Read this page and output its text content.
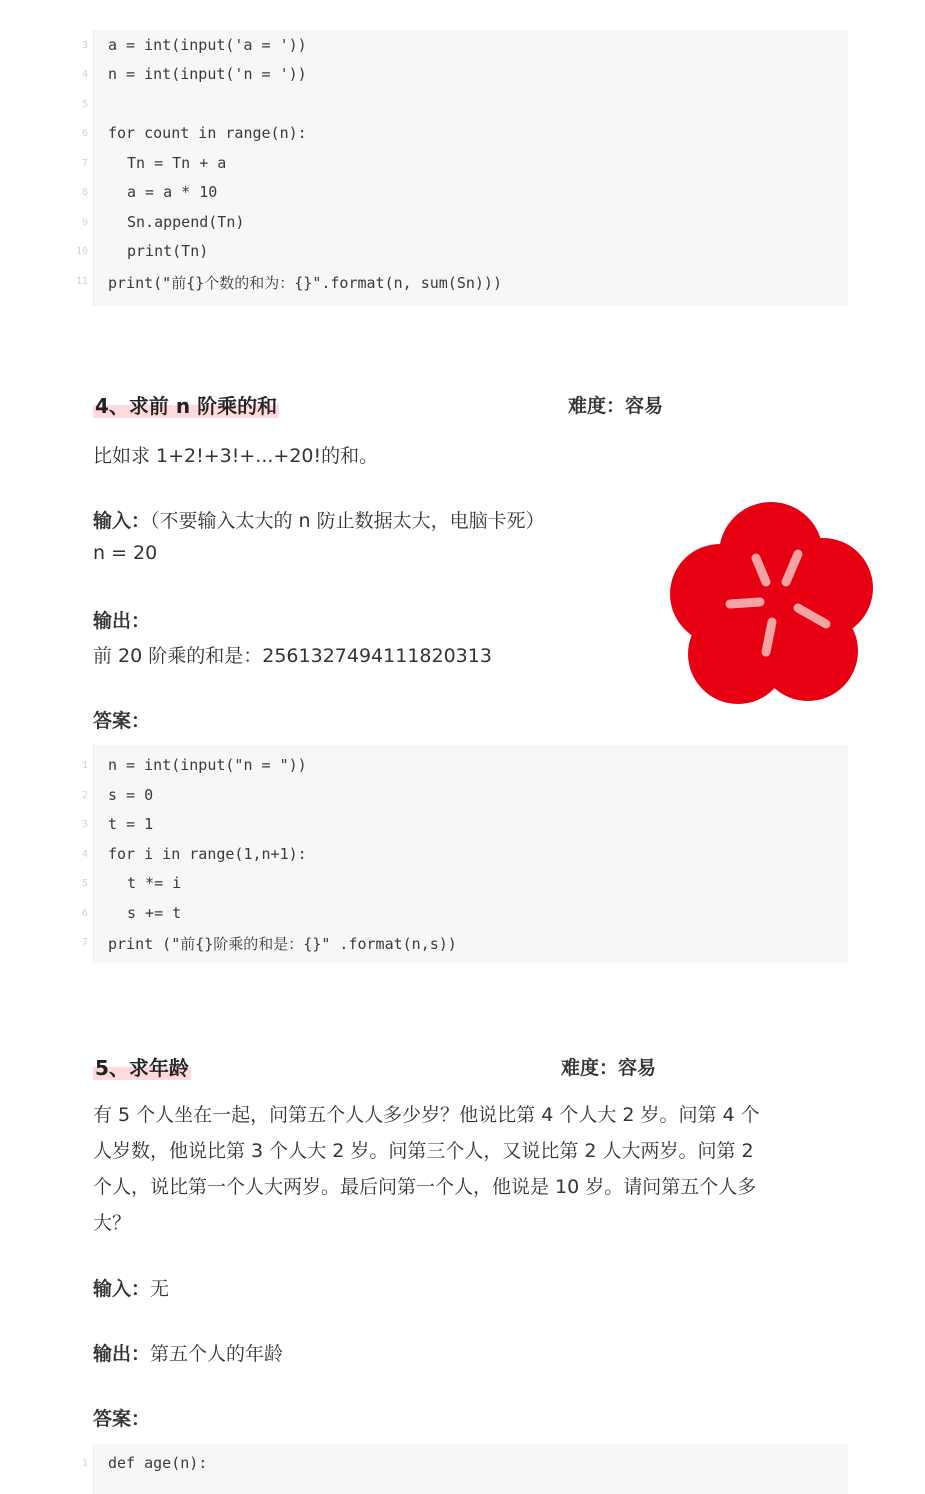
3 a = int(input('a = '))
4 n = int(input('n = '))
5
6 for count in range(n):
7	Tn = Tn + a
8	a = a * 10
9	Sn.append(Tn)
10	print(Tn)
11 print("前{}个数的和为：{}".format(n, sum(Sn)))
4、求前 n 阶乘的和	难度：容易
比如求 1+2!+3!+...+20!的和。
输入：（不要输入太大的 n 防止数据太大，电脑卡死）
n = 20
输出：
前 20 阶乘的和是：2561327494111820313
答案：
1 n = int(input("n = "))
2 s = 0
3 t = 1
4 for i in range(1,n+1):
5	t *= i
6	s += t
7 print ("前{}阶乘的和是：{}" .format(n,s))
5、求年龄	难度：容易
有 5 个人坐在一起，问第五个人人多少岁？他说比第 4 个人大 2 岁。问第 4 个
人岁数，他说比第 3 个人大 2 岁。问第三个人，又说比第 2 人大两岁。问第 2
个人，说比第一个人大两岁。最后问第一个人，他说是 10 岁。请问第五个人多
大？
输入：无
输出：第五个人的年龄
答案：
1 def age(n):
